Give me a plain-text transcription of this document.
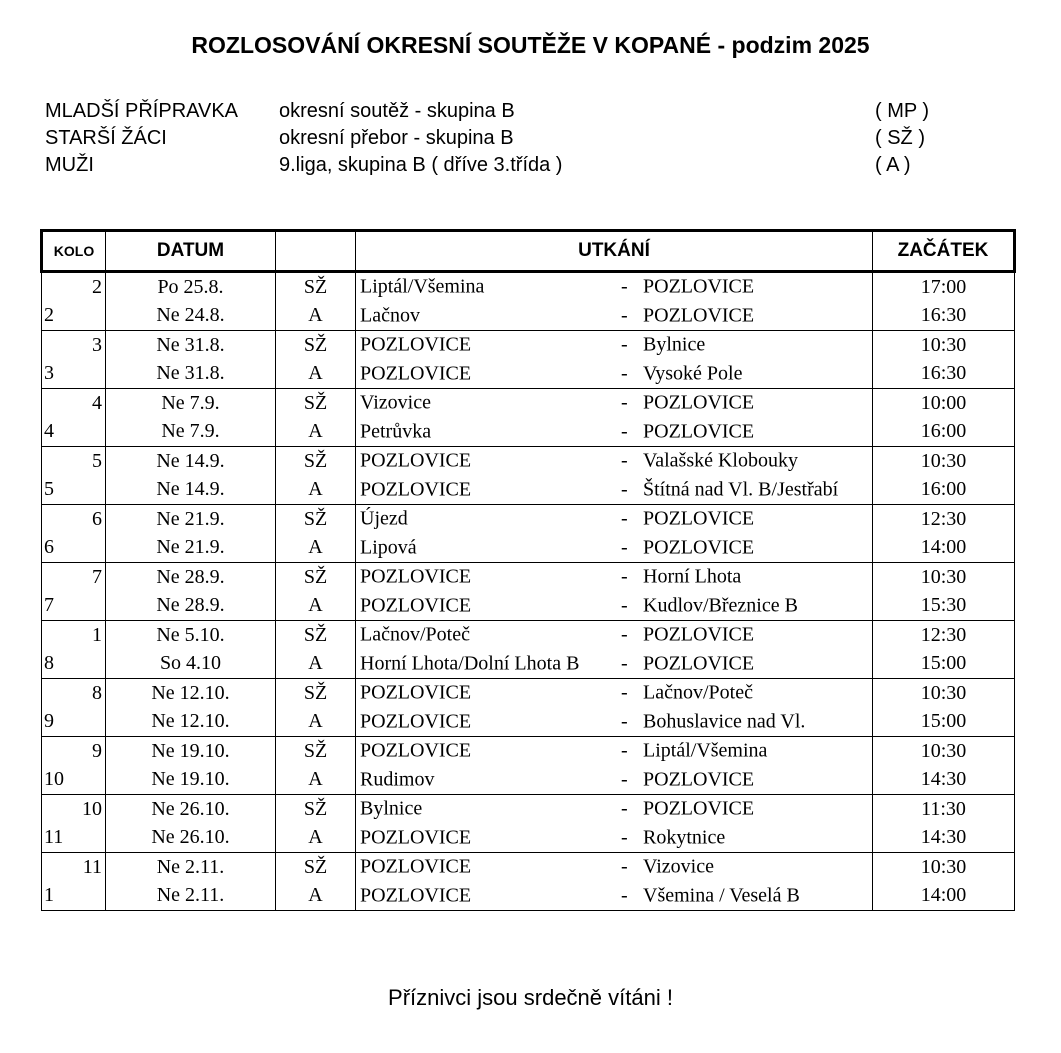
ROZLOSOVÁNÍ OKRESNÍ SOUTĚŽE V KOPANÉ - podzim 2025
MLADŠÍ PŘÍPRAVKA okresní soutěž - skupina B	( MP )
STARŠÍ ŽÁCI	okresní přebor - skupina B	( SŽ )
MUŽI	9.liga, skupina B ( dříve 3.třída )	( A )
KOLO	DATUM		UTKÁNÍ	ZAČÁTEK
2	Po 25.8.	SŽ	Liptál/Všemina - POZLOVICE	17:00
2	Ne 24.8.	A	Lačnov - POZLOVICE	16:30
3	Ne 31.8.	SŽ	POZLOVICE - Bylnice	10:30
3	Ne 31.8.	A	POZLOVICE - Vysoké Pole	16:30
4	Ne 7.9.	SŽ	Vizovice - POZLOVICE	10:00
4	Ne 7.9.	A	Petrůvka - POZLOVICE	16:00
5	Ne 14.9.	SŽ	POZLOVICE - Valašské Klobouky	10:30
5	Ne 14.9.	A	POZLOVICE - Štítná nad Vl. B/Jestřabí	16:00
6	Ne 21.9.	SŽ	Újezd - POZLOVICE	12:30
6	Ne 21.9.	A	Lipová - POZLOVICE	14:00
7	Ne 28.9.	SŽ	POZLOVICE - Horní Lhota	10:30
7	Ne 28.9.	A	POZLOVICE - Kudlov/Březnice B	15:30
1	Ne 5.10.	SŽ	Lačnov/Poteč - POZLOVICE	12:30
8	So 4.10	A	Horní Lhota/Dolní Lhota B - POZLOVICE	15:00
8	Ne 12.10.	SŽ	POZLOVICE - Lačnov/Poteč	10:30
9	Ne 12.10.	A	POZLOVICE - Bohuslavice nad Vl.	15:00
9	Ne 19.10.	SŽ	POZLOVICE - Liptál/Všemina	10:30
10	Ne 19.10.	A	Rudimov - POZLOVICE	14:30
10	Ne 26.10.	SŽ	Bylnice - POZLOVICE	11:30
11	Ne 26.10.	A	POZLOVICE - Rokytnice	14:30
11	Ne 2.11.	SŽ	POZLOVICE - Vizovice	10:30
1	Ne 2.11.	A	POZLOVICE - Všemina / Veselá B	14:00
Příznivci jsou srdečně vítáni !
